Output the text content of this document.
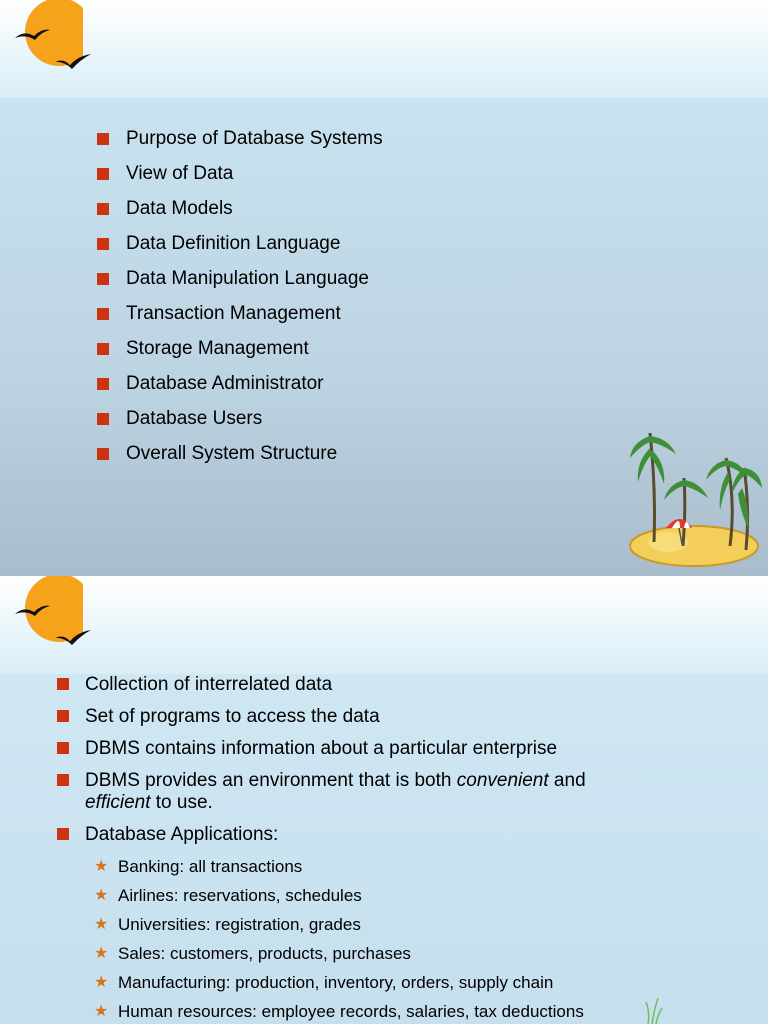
Purpose of Database Systems
View of Data
Data Models
Data Definition Language
Data Manipulation Language
Transaction Management
Storage Management
Database Administrator
Database Users
Overall System Structure
Collection of interrelated data
Set of programs to access the data
DBMS contains information about a particular enterprise
DBMS provides an environment that is both convenient and
efficient to use.
Database Applications:
★ Banking: all transactions
★ Airlines: reservations, schedules
★ Universities: registration, grades
★ Sales: customers, products, purchases
★ Manufacturing: production, inventory, orders, supply chain
★ Human resources: employee records, salaries, tax deductions
